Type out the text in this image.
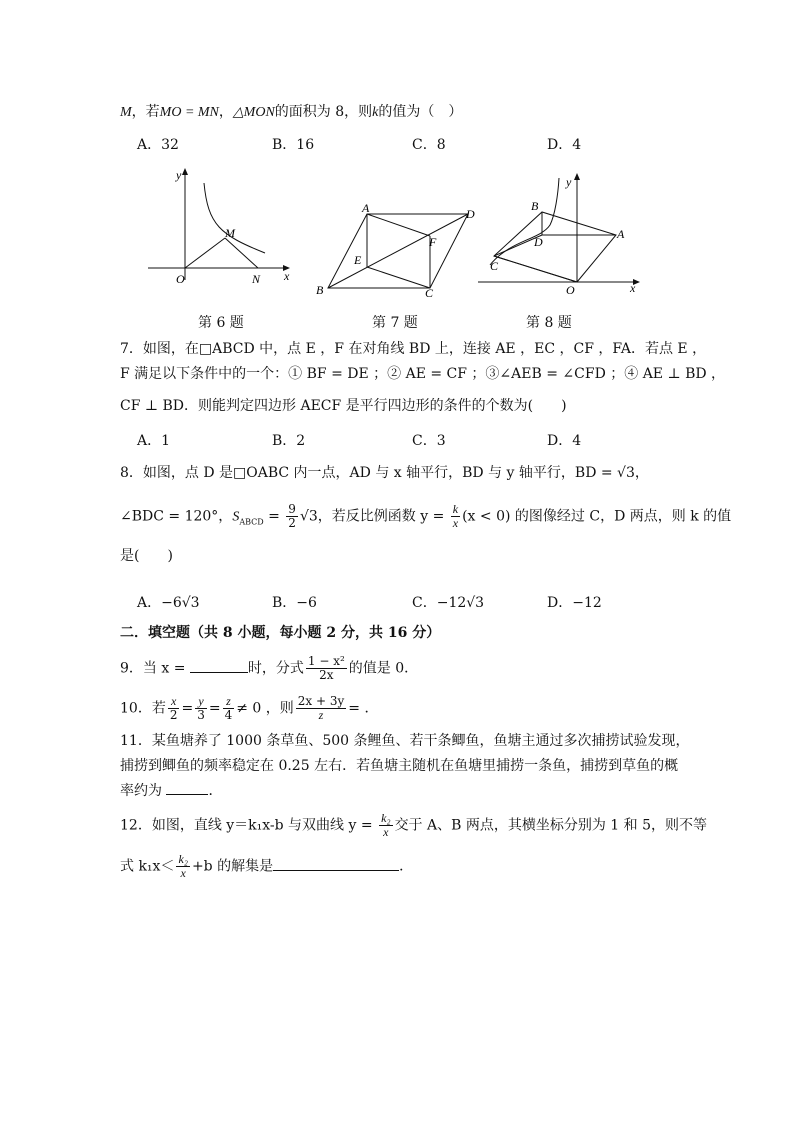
M，若MO = MN，△MON的面积为 8，则k的值为（　）
A．32	B．16	C．8	D．4
y
x
O
M
N
第 6 题
A
B	C
D
E
F
第 7 题
y
x
O
A
B
C
D
第 8 题
7．如图，在□ABCD 中，点 E ，F 在对角线 BD 上，连接 AE ，EC ，CF ，FA．若点 E ，
F 满足以下条件中的一个：① BF = DE ；② AE = CF ；③∠AEB = ∠CFD ；④ AE ⊥ BD ，
CF ⊥ BD．则能判定四边形 AECF 是平行四边形的条件的个数为(　　)
A．1	B．2	C．3	D．4
8．如图，点 D 是□OABC 内一点，AD 与 x 轴平行，BD 与 y 轴平行，BD = √3，
∠BDC = 120°，$S_{ABCD} = \frac{9}{2} √3$，若反比例函数 $y = \frac{k}{x} (x < 0)$ 的图像经过 C，D 两点，则 k 的值
是(　　)
A．−6√3	B．−6	C．−12√3	D．−12
二．填空题（共 8 小题，每小题 2 分，共 16 分）
9．当 x =	时，分式 $\frac{\text{1 − x²}}{2x}$ 的值是 0．
10．若 $\frac{x}{2} = \frac{y}{3} = \frac{z}{4} \ne 0$ ，则 $\frac{2x + 3y}{z}$ = ．
11．某鱼塘养了 1000 条草鱼、500 条鲤鱼、若干条鲫鱼，鱼塘主通过多次捕捞试验发现，
捕捞到鲫鱼的频率稳定在 0.25 左右．若鱼塘主随机在鱼塘里捕捞一条鱼，捕捞到草鱼的概
率约为	．
12．如图，直线 y＝k₁x-b 与双曲线 $y = \frac{\text{k₂}}{x}$ 交于 A、B 两点，其横坐标分别为 1 和 5，则不等
式 $k_1x< \frac{\text{k₂}}{x} +b$ 的解集是	．
